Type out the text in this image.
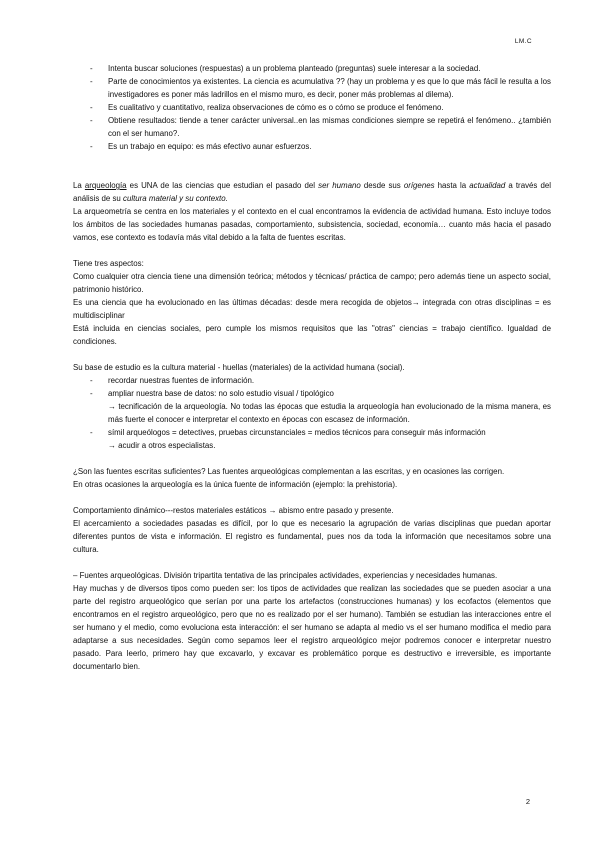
LM.C
- Intenta buscar soluciones (respuestas) a un problema planteado (preguntas) suele interesar a la sociedad.
- Parte de conocimientos ya existentes. La ciencia es acumulativa ?? (hay un problema y es que lo que más fácil le resulta a los investigadores es poner más ladrillos en el mismo muro, es decir, poner más problemas al dilema).
- Es cualitativo y cuantitativo, realiza observaciones de cómo es o cómo se produce el fenómeno.
- Obtiene resultados: tiende a tener carácter universal..en las mismas condiciones siempre se repetirá el fenómeno.. ¿también con el ser humano?.
- Es un trabajo en equipo: es más efectivo aunar esfuerzos.

La arqueología es UNA de las ciencias que estudian el pasado del ser humano desde sus orígenes hasta la actualidad a través del análisis de su cultura material y su contexto.

La arqueometría se centra en los materiales y el contexto en el cual encontramos la evidencia de actividad humana. Esto incluye todos los ámbitos de las sociedades humanas pasadas, comportamiento, subsistencia, sociedad, economía… cuanto más hacia el pasado vamos, ese contexto es todavía más vital debido a la falta de fuentes escritas.

Tiene tres aspectos:

Como cualquier otra ciencia tiene una dimensión teórica; métodos y técnicas/ práctica de campo; pero además tiene un aspecto social, patrimonio histórico.

Es una ciencia que ha evolucionado en las últimas décadas: desde mera recogida de objetos→ integrada con otras disciplinas = es multidisciplinar

Está incluida en ciencias sociales, pero cumple los mismos requisitos que las "otras" ciencias = trabajo científico. Igualdad de condiciones.

Su base de estudio es la cultura material - huellas (materiales) de la actividad humana (social).

- recordar nuestras fuentes de información.
- ampliar nuestra base de datos: no solo estudio visual / tipológico
→ tecnificación de la arqueología. No todas las épocas que estudia la arqueología han evolucionado de la misma manera, es más fuerte el conocer e interpretar el contexto en épocas con escasez de información.
- símil arqueólogos = detectives, pruebas circunstanciales = medios técnicos para conseguir más información
→ acudir a otros especialistas.

¿Son las fuentes escritas suficientes? Las fuentes arqueológicas complementan a las escritas, y en ocasiones las corrigen.

En otras ocasiones la arqueología es la única fuente de información (ejemplo: la prehistoria).

Comportamiento dinámico---restos materiales estáticos → abismo entre pasado y presente.

El acercamiento a sociedades pasadas es difícil, por lo que es necesario la agrupación de varias disciplinas que puedan aportar diferentes puntos de vista e información. El registro es fundamental, pues nos da toda la información que necesitamos sobre una cultura.

– Fuentes arqueológicas. División tripartita tentativa de las principales actividades, experiencias y necesidades humanas.

Hay muchas y de diversos tipos como pueden ser: los tipos de actividades que realizan las sociedades que se pueden asociar a una parte del registro arqueológico que serían por una parte los artefactos (construcciones humanas) y los ecofactos (elementos que encontramos en el registro arqueológico, pero que no es realizado por el ser humano). También se estudian las interacciones entre el ser humano y el medio, como evoluciona esta interacción: el ser humano se adapta al medio vs el ser humano modifica el medio para adaptarse a sus necesidades. Según como sepamos leer el registro arqueológico mejor podremos conocer e interpretar nuestro pasado. Para leerlo, primero hay que excavarlo, y excavar es problemático porque es destructivo e irreversible, es importante documentarlo bien.

2
